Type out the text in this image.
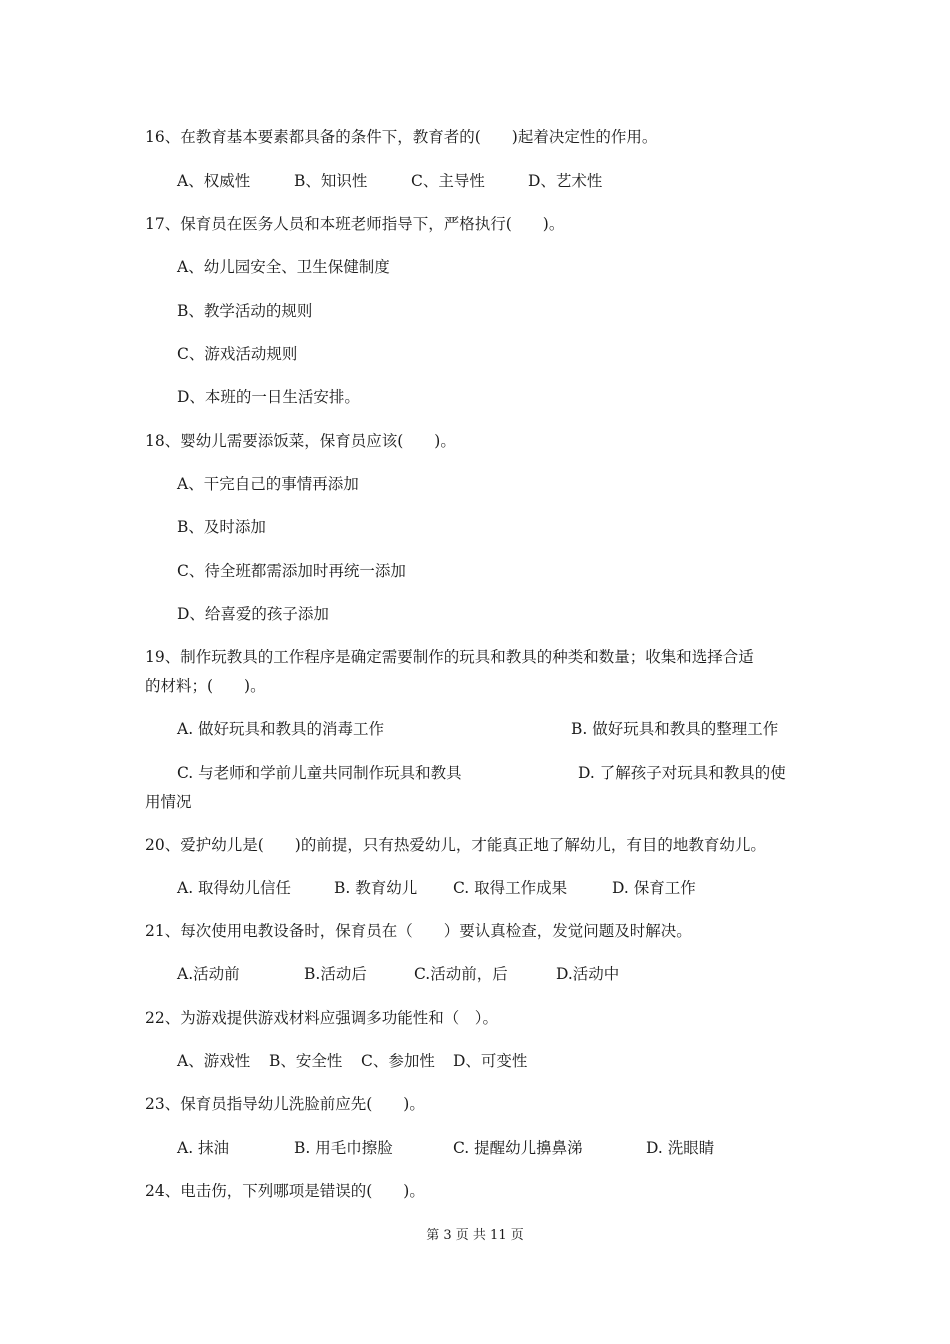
16、在教育基本要素都具备的条件下，教育者的(　　)起着决定性的作用。
A、权威性	B、知识性	C、主导性	D、艺术性
17、保育员在医务人员和本班老师指导下，严格执行(　　)。
A、幼儿园安全、卫生保健制度
B、教学活动的规则
C、游戏活动规则
D、本班的一日生活安排。
18、婴幼儿需要添饭菜，保育员应该(　　)。
A、干完自己的事情再添加
B、及时添加
C、待全班都需添加时再统一添加
D、给喜爱的孩子添加
19、制作玩教具的工作程序是确定需要制作的玩具和教具的种类和数量；收集和选择合适
的材料；(　　)。
A. 做好玩具和教具的消毒工作	B. 做好玩具和教具的整理工作
C. 与老师和学前儿童共同制作玩具和教具	D. 了解孩子对玩具和教具的使
用情况
20、爱护幼儿是(　　)的前提，只有热爱幼儿，才能真正地了解幼儿，有目的地教育幼儿。
A. 取得幼儿信任	B. 教育幼儿 C. 取得工作成果	D. 保育工作
21、每次使用电教设备时，保育员在（　　）要认真检查，发觉问题及时解决。
A.活动前	B.活动后	C.活动前，后	D.活动中
22、为游戏提供游戏材料应强调多功能性和（　）。
A、游戏性 B、安全性 C、参加性 D、可变性
23、保育员指导幼儿洗脸前应先(　　)。
A. 抹油	B. 用毛巾擦脸	C. 提醒幼儿擤鼻涕	D. 洗眼睛
24、电击伤，下列哪项是错误的(　　)。
第 3 页 共 11 页
